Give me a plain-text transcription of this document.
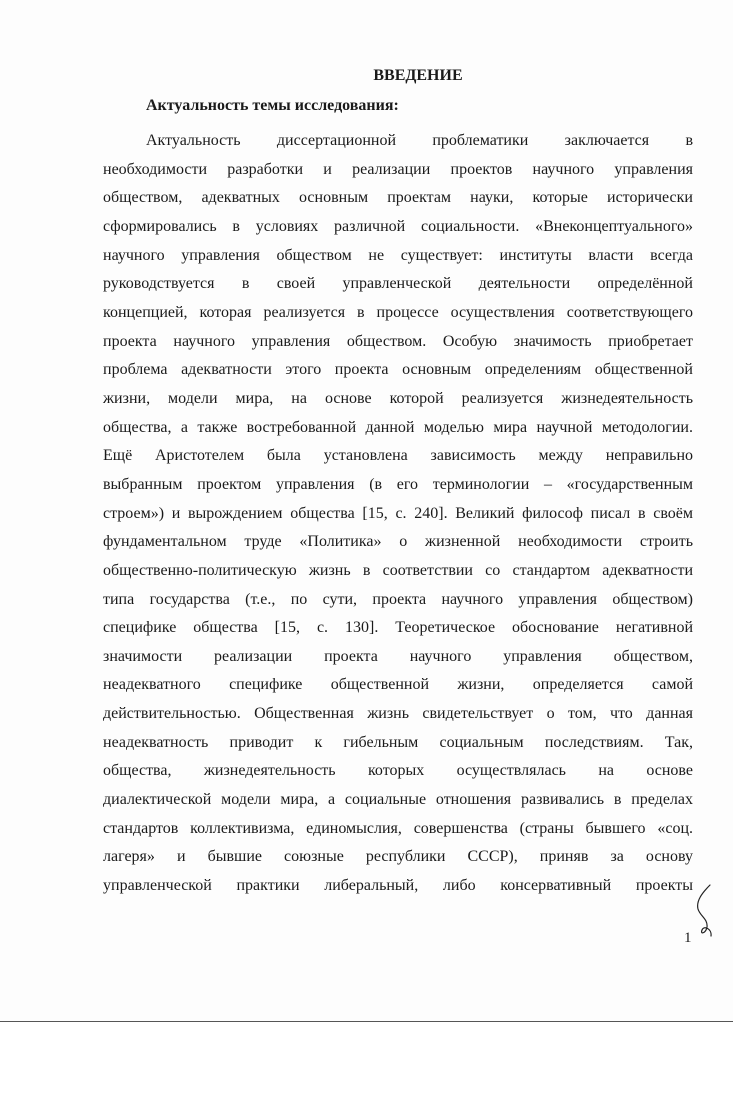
ВВЕДЕНИЕ
Актуальность темы исследования:
Актуальность диссертационной проблематики заключается в
необходимости разработки и реализации проектов научного управления
обществом, адекватных основным проектам науки, которые исторически
сформировались в условиях различной социальности. «Внеконцептуального»
научного управления обществом не существует: институты власти всегда
руководствуется в своей управленческой деятельности определённой
концепцией, которая реализуется в процессе осуществления соответствующего
проекта научного управления обществом. Особую значимость приобретает
проблема адекватности этого проекта основным определениям общественной
жизни, модели мира, на основе которой реализуется жизнедеятельность
общества, а также востребованной данной моделью мира научной методологии.
Ещё Аристотелем была установлена зависимость между неправильно
выбранным проектом управления (в его терминологии – «государственным
строем») и вырождением общества [15, с. 240]. Великий философ писал в своём
фундаментальном труде «Политика» о жизненной необходимости строить
общественно-политическую жизнь в соответствии со стандартом адекватности
типа государства (т.е., по сути, проекта научного управления обществом)
специфике общества [15, с. 130]. Теоретическое обоснование негативной
значимости реализации проекта научного управления обществом,
неадекватного специфике общественной жизни, определяется самой
действительностью. Общественная жизнь свидетельствует о том, что данная
неадекватность приводит к гибельным социальным последствиям. Так,
общества, жизнедеятельность которых осуществлялась на основе
диалектической модели мира, а социальные отношения развивались в пределах
стандартов коллективизма, единомыслия, совершенства (страны бывшего «соц.
лагеря» и бывшие союзные республики СССР), приняв за основу
управленческой практики либеральный, либо консервативный проекты
1
